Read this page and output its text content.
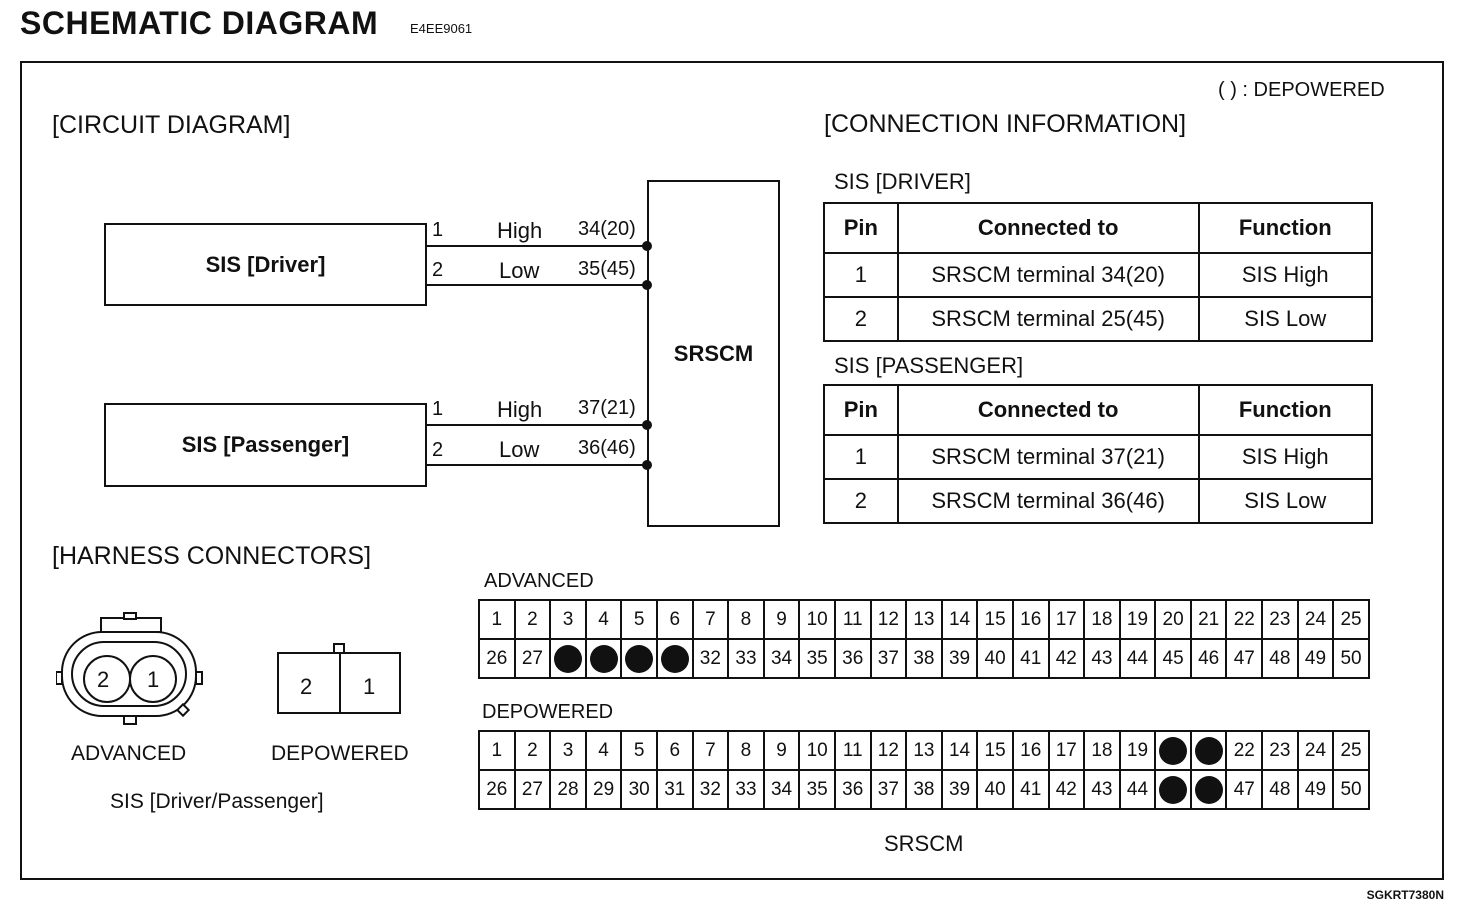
SCHEMATIC DIAGRAM E4EE9061
( ) : DEPOWERED
[CIRCUIT DIAGRAM]
SIS [Driver]
SIS [Passenger]
SRSCM
1
2
High
Low
34(20)
35(45)
1
2
High
Low
37(21)
36(46)
[CONNECTION INFORMATION]
SIS [DRIVER]
Pin	Connected to	Function
1	SRSCM terminal 34(20)	SIS High
2	SRSCM terminal 25(45)	SIS Low
SIS [PASSENGER]
Pin	Connected to	Function
1	SRSCM terminal 37(21)	SIS High
2	SRSCM terminal 36(46)	SIS Low
[HARNESS CONNECTORS]
2 1	2 1
ADVANCED	DEPOWERED
SIS [Driver/Passenger]
ADVANCED
1	2	3	4	5	6	7	8	9	10	11	12	13	14	15	16	17	18	19	20	21	22	23	24	25
26	27					32	33	34	35	36	37	38	39	40	41	42	43	44	45	46	47	48	49	50
DEPOWERED
1	2	3	4	5	6	7	8	9	10	11	12	13	14	15	16	17	18	19			22	23	24	25
26	27	28	29	30	31	32	33	34	35	36	37	38	39	40	41	42	43	44			47	48	49	50
SRSCM
SGKRT7380N
